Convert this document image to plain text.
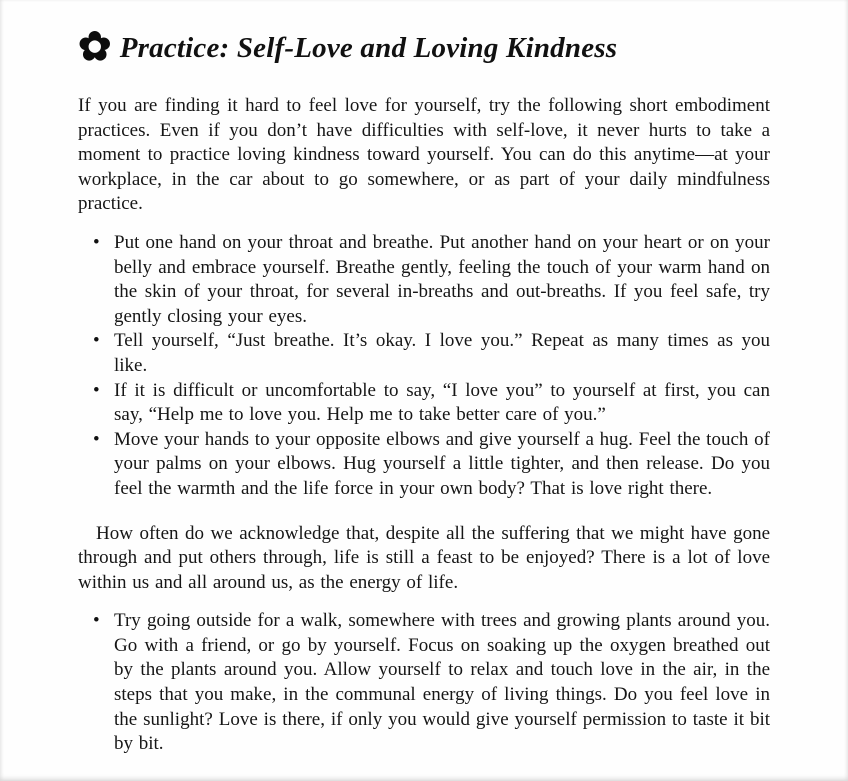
✿ Practice: Self-Love and Loving Kindness

If you are finding it hard to feel love for yourself, try the following short embodiment practices. Even if you don’t have difficulties with self-love, it never hurts to take a moment to practice loving kindness toward yourself. You can do this anytime—at your workplace, in the car about to go somewhere, or as part of your daily mindfulness practice.

• Put one hand on your throat and breathe. Put another hand on your heart or on your belly and embrace yourself. Breathe gently, feeling the touch of your warm hand on the skin of your throat, for several in-breaths and out-breaths. If you feel safe, try gently closing your eyes.
• Tell yourself, “Just breathe. It’s okay. I love you.” Repeat as many times as you like.
• If it is difficult or uncomfortable to say, “I love you” to yourself at first, you can say, “Help me to love you. Help me to take better care of you.”
• Move your hands to your opposite elbows and give yourself a hug. Feel the touch of your palms on your elbows. Hug yourself a little tighter, and then release. Do you feel the warmth and the life force in your own body? That is love right there.

How often do we acknowledge that, despite all the suffering that we might have gone through and put others through, life is still a feast to be enjoyed? There is a lot of love within us and all around us, as the energy of life.

• Try going outside for a walk, somewhere with trees and growing plants around you. Go with a friend, or go by yourself. Focus on soaking up the oxygen breathed out by the plants around you. Allow yourself to relax and touch love in the air, in the steps that you make, in the communal energy of living things. Do you feel love in the sunlight? Love is there, if only you would give yourself permission to taste it bit by bit.
